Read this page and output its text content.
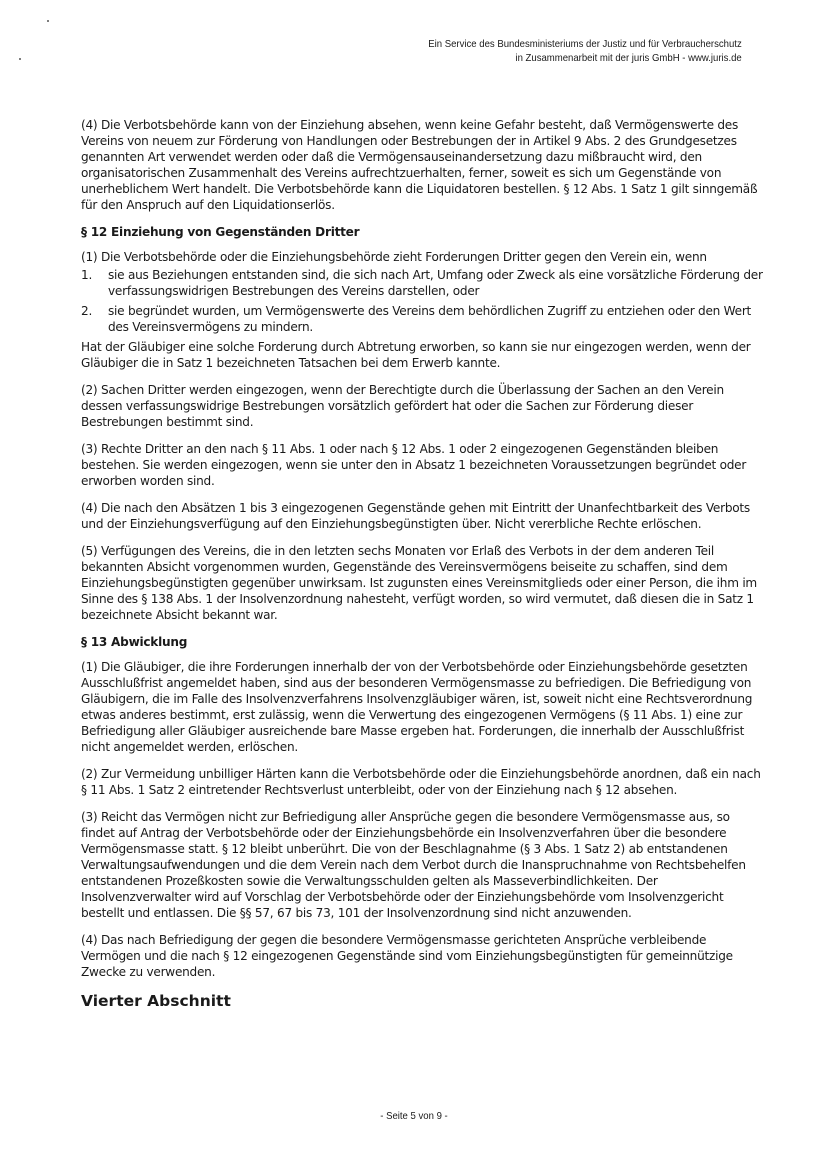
Ein Service des Bundesministeriums der Justiz und für Verbraucherschutz
in Zusammenarbeit mit der juris GmbH - www.juris.de

(4) Die Verbotsbehörde kann von der Einziehung absehen, wenn keine Gefahr besteht, daß Vermögenswerte des Vereins von neuem zur Förderung von Handlungen oder Bestrebungen der in Artikel 9 Abs. 2 des Grundgesetzes genannten Art verwendet werden oder daß die Vermögensauseinandersetzung dazu mißbraucht wird, den organisatorischen Zusammenhalt des Vereins aufrechtzuerhalten, ferner, soweit es sich um Gegenstände von unerheblichem Wert handelt. Die Verbotsbehörde kann die Liquidatoren bestellen. § 12 Abs. 1 Satz 1 gilt sinngemäß für den Anspruch auf den Liquidationserlös.

§ 12 Einziehung von Gegenständen Dritter

(1) Die Verbotsbehörde oder die Einziehungsbehörde zieht Forderungen Dritter gegen den Verein ein, wenn

1. sie aus Beziehungen entstanden sind, die sich nach Art, Umfang oder Zweck als eine vorsätzliche Förderung der verfassungswidrigen Bestrebungen des Vereins darstellen, oder
2. sie begründet wurden, um Vermögenswerte des Vereins dem behördlichen Zugriff zu entziehen oder den Wert des Vereinsvermögens zu mindern.

Hat der Gläubiger eine solche Forderung durch Abtretung erworben, so kann sie nur eingezogen werden, wenn der Gläubiger die in Satz 1 bezeichneten Tatsachen bei dem Erwerb kannte.

(2) Sachen Dritter werden eingezogen, wenn der Berechtigte durch die Überlassung der Sachen an den Verein dessen verfassungswidrige Bestrebungen vorsätzlich gefördert hat oder die Sachen zur Förderung dieser Bestrebungen bestimmt sind.

(3) Rechte Dritter an den nach § 11 Abs. 1 oder nach § 12 Abs. 1 oder 2 eingezogenen Gegenständen bleiben bestehen. Sie werden eingezogen, wenn sie unter den in Absatz 1 bezeichneten Voraussetzungen begründet oder erworben worden sind.

(4) Die nach den Absätzen 1 bis 3 eingezogenen Gegenstände gehen mit Eintritt der Unanfechtbarkeit des Verbots und der Einziehungsverfügung auf den Einziehungsbegünstigten über. Nicht vererbliche Rechte erlöschen.

(5) Verfügungen des Vereins, die in den letzten sechs Monaten vor Erlaß des Verbots in der dem anderen Teil bekannten Absicht vorgenommen wurden, Gegenstände des Vereinsvermögens beiseite zu schaffen, sind dem Einziehungsbegünstigten gegenüber unwirksam. Ist zugunsten eines Vereinsmitglieds oder einer Person, die ihm im Sinne des § 138 Abs. 1 der Insolvenzordnung nahesteht, verfügt worden, so wird vermutet, daß diesen die in Satz 1 bezeichnete Absicht bekannt war.

§ 13 Abwicklung

(1) Die Gläubiger, die ihre Forderungen innerhalb der von der Verbotsbehörde oder Einziehungsbehörde gesetzten Ausschlußfrist angemeldet haben, sind aus der besonderen Vermögensmasse zu befriedigen. Die Befriedigung von Gläubigern, die im Falle des Insolvenzverfahrens Insolvenzgläubiger wären, ist, soweit nicht eine Rechtsverordnung etwas anderes bestimmt, erst zulässig, wenn die Verwertung des eingezogenen Vermögens (§ 11 Abs. 1) eine zur Befriedigung aller Gläubiger ausreichende bare Masse ergeben hat. Forderungen, die innerhalb der Ausschlußfrist nicht angemeldet werden, erlöschen.

(2) Zur Vermeidung unbilliger Härten kann die Verbotsbehörde oder die Einziehungsbehörde anordnen, daß ein nach § 11 Abs. 1 Satz 2 eintretender Rechtsverlust unterbleibt, oder von der Einziehung nach § 12 absehen.

(3) Reicht das Vermögen nicht zur Befriedigung aller Ansprüche gegen die besondere Vermögensmasse aus, so findet auf Antrag der Verbotsbehörde oder der Einziehungsbehörde ein Insolvenzverfahren über die besondere Vermögensmasse statt. § 12 bleibt unberührt. Die von der Beschlagnahme (§ 3 Abs. 1 Satz 2) ab entstandenen Verwaltungsaufwendungen und die dem Verein nach dem Verbot durch die Inanspruchnahme von Rechtsbehelfen entstandenen Prozeßkosten sowie die Verwaltungsschulden gelten als Masseverbindlichkeiten. Der Insolvenzverwalter wird auf Vorschlag der Verbotsbehörde oder der Einziehungsbehörde vom Insolvenzgericht bestellt und entlassen. Die §§ 57, 67 bis 73, 101 der Insolvenzordnung sind nicht anzuwenden.

(4) Das nach Befriedigung der gegen die besondere Vermögensmasse gerichteten Ansprüche verbleibende Vermögen und die nach § 12 eingezogenen Gegenstände sind vom Einziehungsbegünstigten für gemeinnützige Zwecke zu verwenden.

Vierter Abschnitt
- Seite 5 von 9 -
